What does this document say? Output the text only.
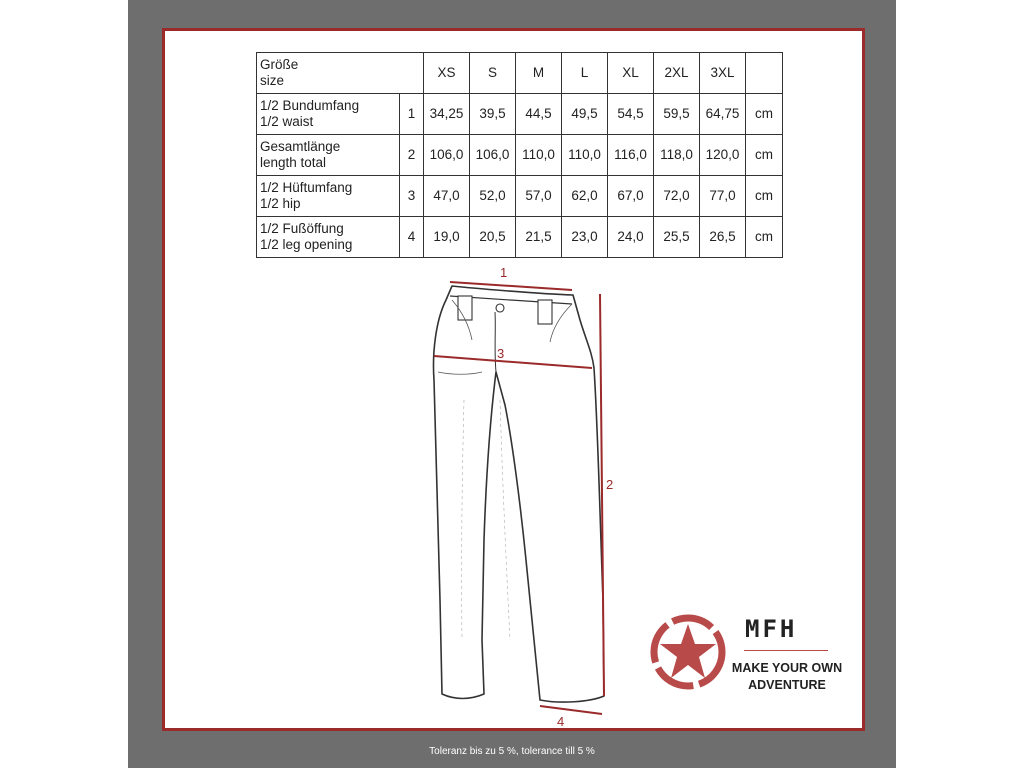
Größe
size		XS	S	M	L	XL	2XL	3XL	

1/2 Bundumfang
1/2 waist	1	34,25	39,5	44,5	49,5	54,5	59,5	64,75	cm

Gesamtlänge
length total	2	106,0	106,0	110,0	110,0	116,0	118,0	120,0	cm

1/2 Hüftumfang
1/2 hip	3	47,0	52,0	57,0	62,0	67,0	72,0	77,0	cm

1/2 Fußöffung
1/2 leg opening	4	19,0	20,5	21,5	23,0	24,0	25,5	26,5	cm
1
3
2
4
MFH
MAKE YOUR OWN
ADVENTURE
Toleranz bis zu 5 %, tolerance till 5 %
